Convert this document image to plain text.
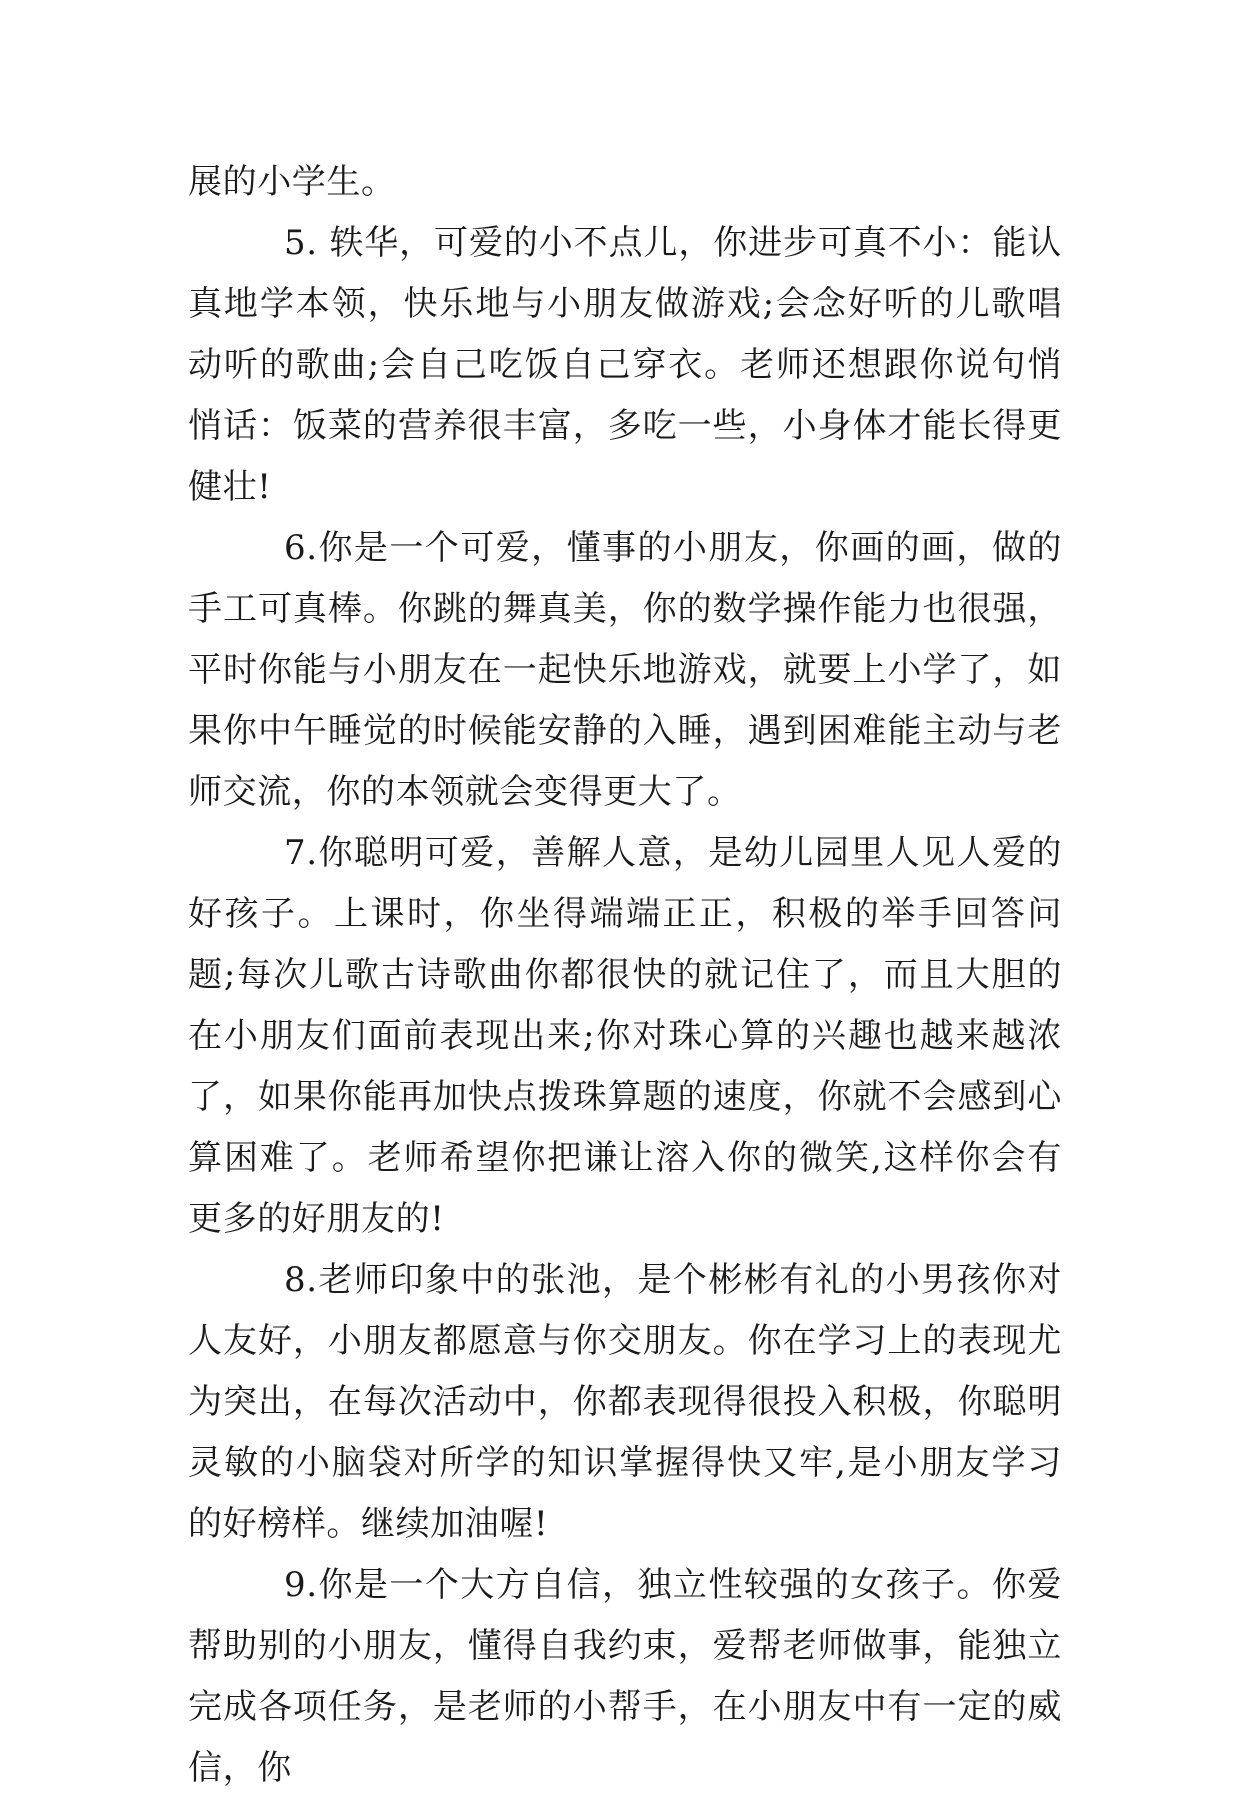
展的小学生。

5. 轶华，可爱的小不点儿，你进步可真不小：能认真地学本领，快乐地与小朋友做游戏;会念好听的儿歌唱动听的歌曲;会自己吃饭自己穿衣。老师还想跟你说句悄悄话：饭菜的营养很丰富，多吃一些，小身体才能长得更健壮!

6.你是一个可爱，懂事的小朋友，你画的画，做的手工可真棒。你跳的舞真美，你的数学操作能力也很强，平时你能与小朋友在一起快乐地游戏，就要上小学了，如果你中午睡觉的时候能安静的入睡，遇到困难能主动与老师交流，你的本领就会变得更大了。

7.你聪明可爱，善解人意，是幼儿园里人见人爱的好孩子。上课时，你坐得端端正正，积极的举手回答问题;每次儿歌古诗歌曲你都很快的就记住了，而且大胆的在小朋友们面前表现出来;你对珠心算的兴趣也越来越浓了，如果你能再加快点拨珠算题的速度，你就不会感到心算困难了。老师希望你把谦让溶入你的微笑,这样你会有更多的好朋友的!

8.老师印象中的张池，是个彬彬有礼的小男孩你对人友好，小朋友都愿意与你交朋友。你在学习上的表现尤为突出，在每次活动中，你都表现得很投入积极，你聪明灵敏的小脑袋对所学的知识掌握得快又牢,是小朋友学习的好榜样。继续加油喔!

9.你是一个大方自信，独立性较强的女孩子。你爱帮助别的小朋友，懂得自我约束，爱帮老师做事，能独立完成各项任务，是老师的小帮手，在小朋友中有一定的威信，你
